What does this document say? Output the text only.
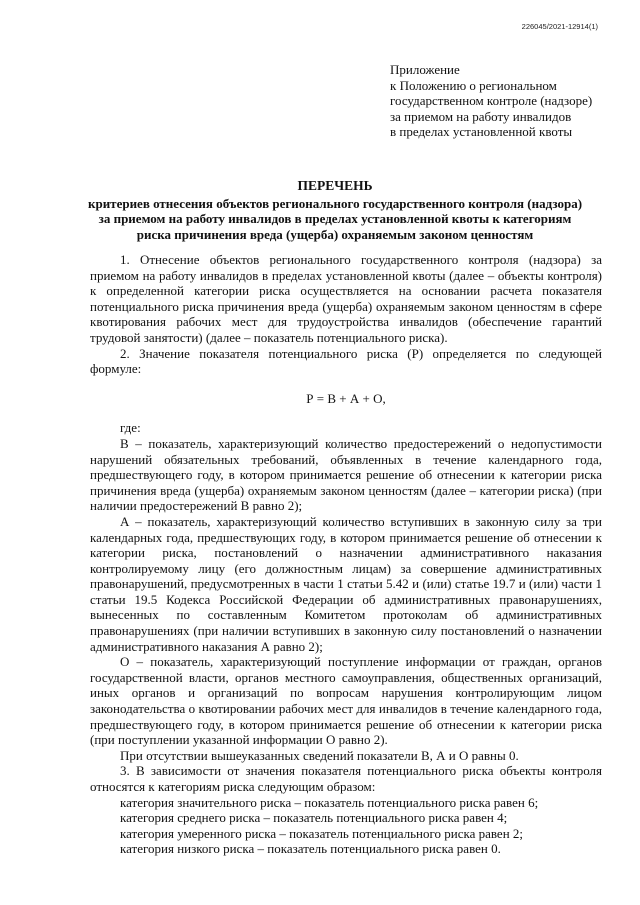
226045/2021-12914(1)
Приложение
к Положению о региональном
государственном контроле (надзоре)
за приемом на работу инвалидов
в пределах установленной квоты
ПЕРЕЧЕНЬ
критериев отнесения объектов регионального государственного контроля (надзора)
за приемом на работу инвалидов в пределах установленной квоты к категориям
риска причинения вреда (ущерба) охраняемым законом ценностям

1. Отнесение объектов регионального государственного контроля (надзора) за приемом на работу инвалидов в пределах установленной квоты (далее – объекты контроля) к определенной категории риска осуществляется на основании расчета показателя потенциального риска причинения вреда (ущерба) охраняемым законом ценностям в сфере квотирования рабочих мест для трудоустройства инвалидов (обеспечение гарантий трудовой занятости) (далее – показатель потенциального риска).

2. Значение показателя потенциального риска (Р) определяется по следующей формуле:

Р = В + А + О,

где:

В – показатель, характеризующий количество предостережений о недопустимости нарушений обязательных требований, объявленных в течение календарного года, предшествующего году, в котором принимается решение об отнесении к категории риска причинения вреда (ущерба) охраняемым законом ценностям (далее – категории риска) (при наличии предостережений В равно 2);

А – показатель, характеризующий количество вступивших в законную силу за три календарных года, предшествующих году, в котором принимается решение об отнесении к категории риска, постановлений о назначении административного наказания контролируемому лицу (его должностным лицам) за совершение административных правонарушений, предусмотренных в части 1 статьи 5.42 и (или) статье 19.7 и (или) части 1 статьи 19.5 Кодекса Российской Федерации об административных правонарушениях, вынесенных по составленным Комитетом протоколам об административных правонарушениях (при наличии вступивших в законную силу постановлений о назначении административного наказания А равно 2);

О – показатель, характеризующий поступление информации от граждан, органов государственной власти, органов местного самоуправления, общественных организаций, иных органов и организаций по вопросам нарушения контролирующим лицом законодательства о квотировании рабочих мест для инвалидов в течение календарного года, предшествующего году, в котором принимается решение об отнесении к категории риска (при поступлении указанной информации О равно 2).

При отсутствии вышеуказанных сведений показатели В, А и О равны 0.

3. В зависимости от значения показателя потенциального риска объекты контроля относятся к категориям риска следующим образом:

категория значительного риска – показатель потенциального риска равен 6;

категория среднего риска – показатель потенциального риска равен 4;

категория умеренного риска – показатель потенциального риска равен 2;

категория низкого риска – показатель потенциального риска равен 0.
